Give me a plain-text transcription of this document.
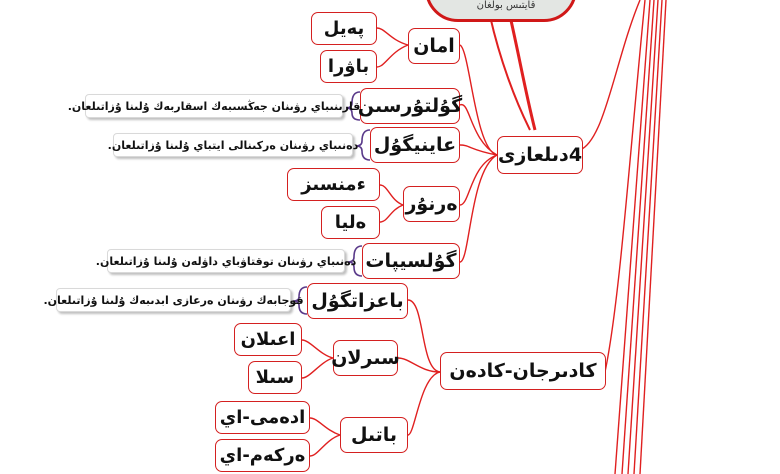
قايتىس بولغان
4دىلعازى
كادىرجان-كادەن
امان
پەيل
باۋرا
گۇلتۇرسىن
عاينيگۇل
ەرنۇر
ءمنسىز
ەليا
گۇلسيپات
باعزاتگۇل
سىرلان
اعىلان
سىلا
باتىل
ادەمى-اي
ەركەم-اي
قارىنىباي رۋىنان جەڭسىبەك اسقاربەك ۇلىنا ۇزاتىلعان.
دەنىباي رۋىنان ەركىنالى ايتباي ۇلىنا ۇزاتىلعان.
دەنىباي رۋىنان توقتاۋباي داۋلەن ۇلىنا ۇزاتىلعان.
قوجابەك رۋىنان ەرعازى ابدىبەك ۇلىنا ۇزاتىلعان.
